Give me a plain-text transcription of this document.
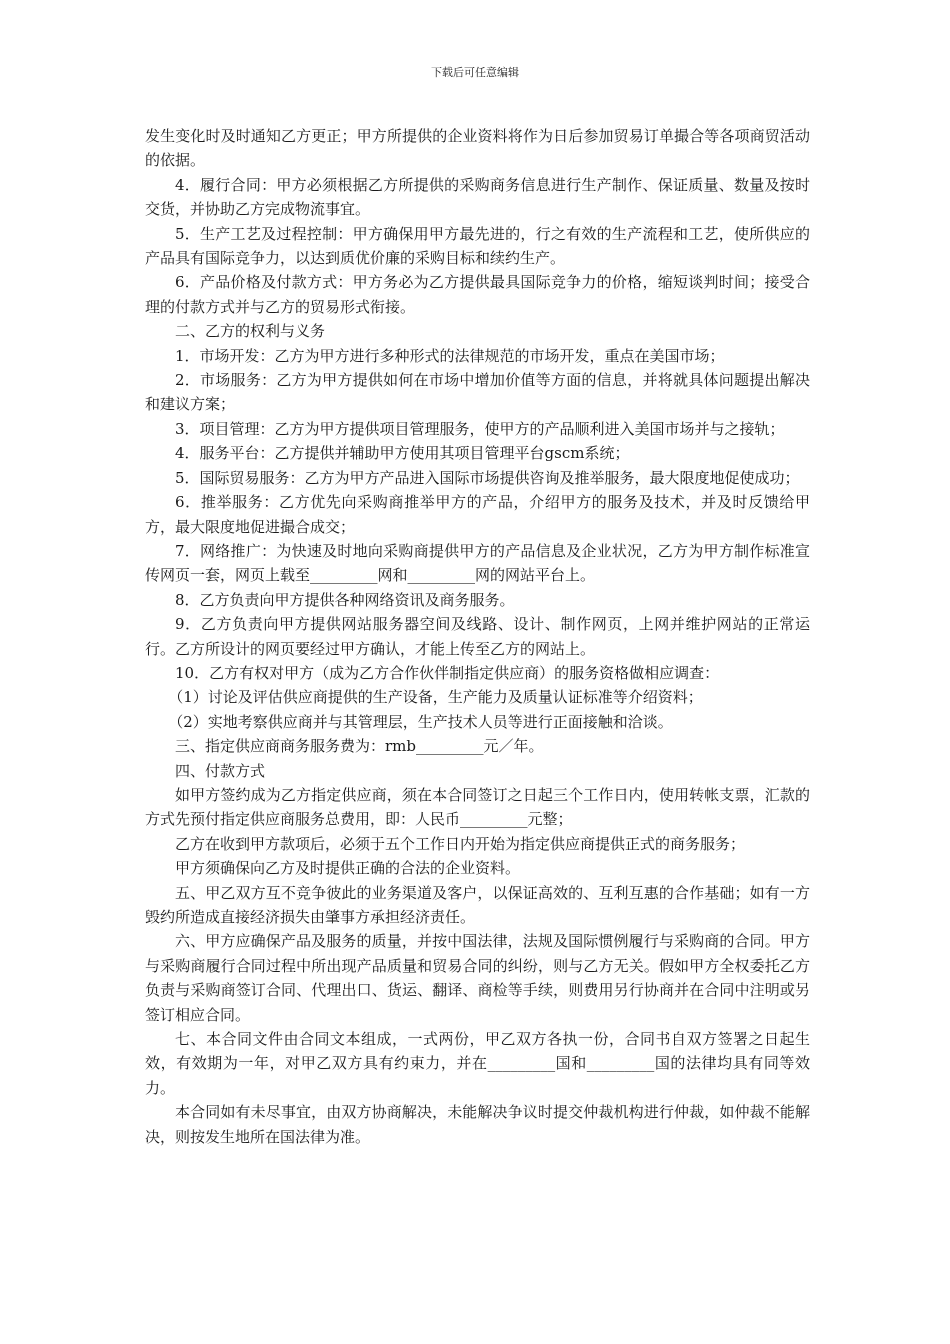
下载后可任意编辑

发生变化时及时通知乙方更正；甲方所提供的企业资料将作为日后参加贸易订单撮合等各项商贸活动的依据。

4．履行合同：甲方必须根据乙方所提供的采购商务信息进行生产制作、保证质量、数量及按时交货，并协助乙方完成物流事宜。

5．生产工艺及过程控制：甲方确保用甲方最先进的，行之有效的生产流程和工艺，使所供应的产品具有国际竞争力，以达到质优价廉的采购目标和续约生产。

6．产品价格及付款方式：甲方务必为乙方提供最具国际竞争力的价格，缩短谈判时间；接受合理的付款方式并与乙方的贸易形式衔接。

二、乙方的权利与义务

1．市场开发：乙方为甲方进行多种形式的法律规范的市场开发，重点在美国市场；

2．市场服务：乙方为甲方提供如何在市场中增加价值等方面的信息，并将就具体问题提出解决和建议方案；

3．项目管理：乙方为甲方提供项目管理服务，使甲方的产品顺利进入美国市场并与之接轨；

4．服务平台：乙方提供并辅助甲方使用其项目管理平台gscm系统；

5．国际贸易服务：乙方为甲方产品进入国际市场提供咨询及推举服务，最大限度地促使成功；

6．推举服务：乙方优先向采购商推举甲方的产品，介绍甲方的服务及技术，并及时反馈给甲方，最大限度地促进撮合成交；

7．网络推广：为快速及时地向采购商提供甲方的产品信息及企业状况，乙方为甲方制作标准宣传网页一套，网页上载至_________网和_________网的网站平台上。

8．乙方负责向甲方提供各种网络资讯及商务服务。

9．乙方负责向甲方提供网站服务器空间及线路、设计、制作网页，上网并维护网站的正常运行。乙方所设计的网页要经过甲方确认，才能上传至乙方的网站上。

10．乙方有权对甲方（成为乙方合作伙伴制指定供应商）的服务资格做相应调查：

（1）讨论及评估供应商提供的生产设备，生产能力及质量认证标准等介绍资料；

（2）实地考察供应商并与其管理层，生产技术人员等进行正面接触和洽谈。

三、指定供应商商务服务费为：rmb_________元／年。

四、付款方式

如甲方签约成为乙方指定供应商，须在本合同签订之日起三个工作日内，使用转帐支票，汇款的方式先预付指定供应商服务总费用，即：人民币_________元整；

乙方在收到甲方款项后，必须于五个工作日内开始为指定供应商提供正式的商务服务；

甲方须确保向乙方及时提供正确的合法的企业资料。

五、甲乙双方互不竞争彼此的业务渠道及客户，以保证高效的、互利互惠的合作基础；如有一方毁约所造成直接经济损失由肇事方承担经济责任。

六、甲方应确保产品及服务的质量，并按中国法律，法规及国际惯例履行与采购商的合同。甲方与采购商履行合同过程中所出现产品质量和贸易合同的纠纷，则与乙方无关。假如甲方全权委托乙方负责与采购商签订合同、代理出口、货运、翻译、商检等手续，则费用另行协商并在合同中注明或另签订相应合同。

七、本合同文件由合同文本组成，一式两份，甲乙双方各执一份，合同书自双方签署之日起生效，有效期为一年，对甲乙双方具有约束力，并在_________国和_________国的法律均具有同等效力。

本合同如有未尽事宜，由双方协商解决，未能解决争议时提交仲裁机构进行仲裁，如仲裁不能解决，则按发生地所在国法律为准。
